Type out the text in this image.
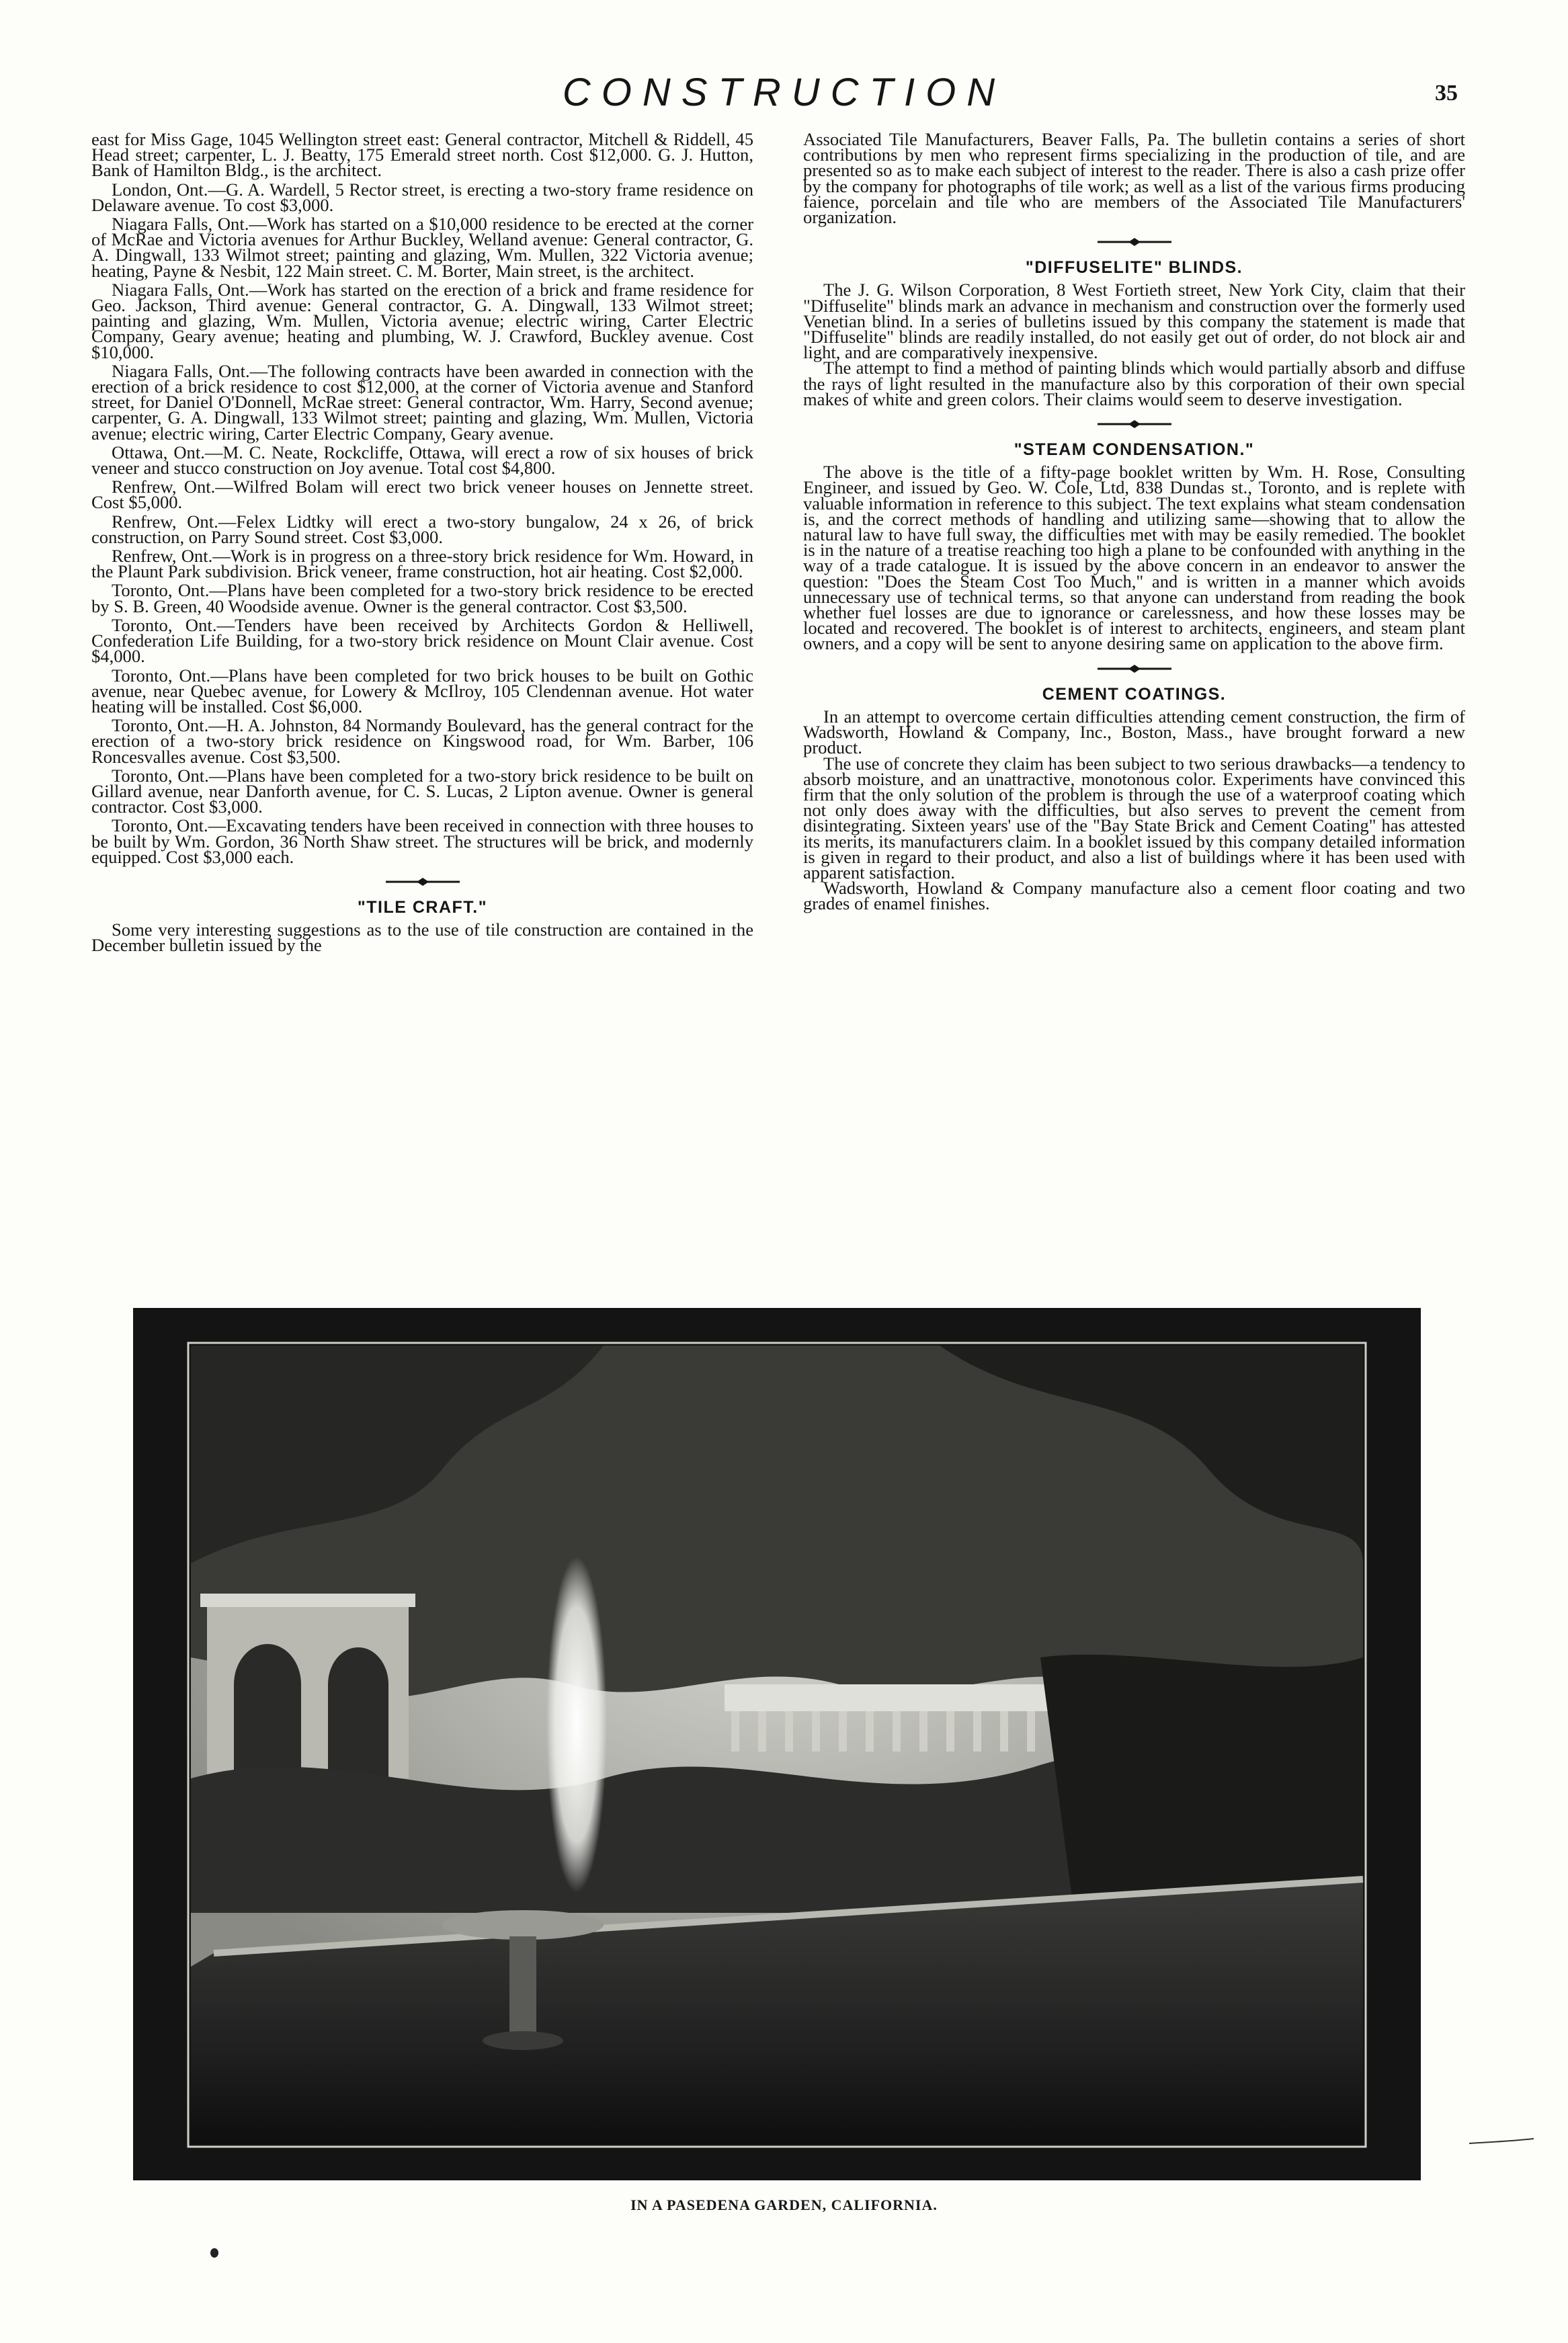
CONSTRUCTION	35

east for Miss Gage, 1045 Wellington street east: General contractor, Mitchell & Riddell, 45 Head street; carpenter, L. J. Beatty, 175 Emerald street north. Cost $12,000. G. J. Hutton, Bank of Hamilton Bldg., is the architect.

London, Ont.—G. A. Wardell, 5 Rector street, is erecting a two-story frame residence on Delaware avenue. To cost $3,000.

Niagara Falls, Ont.—Work has started on a $10,000 residence to be erected at the corner of McRae and Victoria avenues for Arthur Buckley, Welland avenue: General contractor, G. A. Dingwall, 133 Wilmot street; painting and glazing, Wm. Mullen, 322 Victoria avenue; heating, Payne & Nesbit, 122 Main street. C. M. Borter, Main street, is the architect.

Niagara Falls, Ont.—Work has started on the erection of a brick and frame residence for Geo. Jackson, Third avenue: General contractor, G. A. Dingwall, 133 Wilmot street; painting and glazing, Wm. Mullen, Victoria avenue; electric wiring, Carter Electric Company, Geary avenue; heating and plumbing, W. J. Crawford, Buckley avenue. Cost $10,000.

Niagara Falls, Ont.—The following contracts have been awarded in connection with the erection of a brick residence to cost $12,000, at the corner of Victoria avenue and Stanford street, for Daniel O'Donnell, McRae street: General contractor, Wm. Harry, Second avenue; carpenter, G. A. Dingwall, 133 Wilmot street; painting and glazing, Wm. Mullen, Victoria avenue; electric wiring, Carter Electric Company, Geary avenue.

Ottawa, Ont.—M. C. Neate, Rockcliffe, Ottawa, will erect a row of six houses of brick veneer and stucco construction on Joy avenue. Total cost $4,800.

Renfrew, Ont.—Wilfred Bolam will erect two brick veneer houses on Jennette street. Cost $5,000.

Renfrew, Ont.—Felex Lidtky will erect a two-story bungalow, 24 x 26, of brick construction, on Parry Sound street. Cost $3,000.

Renfrew, Ont.—Work is in progress on a three-story brick residence for Wm. Howard, in the Plaunt Park subdivision. Brick veneer, frame construction, hot air heating. Cost $2,000.

Toronto, Ont.—Plans have been completed for a two-story brick residence to be erected by S. B. Green, 40 Woodside avenue. Owner is the general contractor. Cost $3,500.

Toronto, Ont.—Tenders have been received by Architects Gordon & Helliwell, Confederation Life Building, for a two-story brick residence on Mount Clair avenue. Cost $4,000.

Toronto, Ont.—Plans have been completed for two brick houses to be built on Gothic avenue, near Quebec avenue, for Lowery & McIlroy, 105 Clendennan avenue. Hot water heating will be installed. Cost $6,000.

Toronto, Ont.—H. A. Johnston, 84 Normandy Boulevard, has the general contract for the erection of a two-story brick residence on Kingswood road, for Wm. Barber, 106 Roncesvalles avenue. Cost $3,500.

Toronto, Ont.—Plans have been completed for a two-story brick residence to be built on Gillard avenue, near Danforth avenue, for C. S. Lucas, 2 Lipton avenue. Owner is general contractor. Cost $3,000.

Toronto, Ont.—Excavating tenders have been received in connection with three houses to be built by Wm. Gordon, 36 North Shaw street. The structures will be brick, and modernly equipped. Cost $3,000 each.

"TILE CRAFT."

Some very interesting suggestions as to the use of tile construction are contained in the December bulletin issued by the

Associated Tile Manufacturers, Beaver Falls, Pa. The bulletin contains a series of short contributions by men who represent firms specializing in the production of tile, and are presented so as to make each subject of interest to the reader. There is also a cash prize offer by the company for photographs of tile work; as well as a list of the various firms producing faience, porcelain and tile who are members of the Associated Tile Manufacturers' organization.

"DIFFUSELITE" BLINDS.

The J. G. Wilson Corporation, 8 West Fortieth street, New York City, claim that their "Diffuselite" blinds mark an advance in mechanism and construction over the formerly used Venetian blind. In a series of bulletins issued by this company the statement is made that "Diffuselite" blinds are readily installed, do not easily get out of order, do not block air and light, and are comparatively inexpensive.

The attempt to find a method of painting blinds which would partially absorb and diffuse the rays of light resulted in the manufacture also by this corporation of their own special makes of white and green colors. Their claims would seem to deserve investigation.

"STEAM CONDENSATION."

The above is the title of a fifty-page booklet written by Wm. H. Rose, Consulting Engineer, and issued by Geo. W. Cole, Ltd, 838 Dundas st., Toronto, and is replete with valuable information in reference to this subject. The text explains what steam condensation is, and the correct methods of handling and utilizing same—showing that to allow the natural law to have full sway, the difficulties met with may be easily remedied. The booklet is in the nature of a treatise reaching too high a plane to be confounded with anything in the way of a trade catalogue. It is issued by the above concern in an endeavor to answer the question: "Does the Steam Cost Too Much," and is written in a manner which avoids unnecessary use of technical terms, so that anyone can understand from reading the book whether fuel losses are due to ignorance or carelessness, and how these losses may be located and recovered. The booklet is of interest to architects, engineers, and steam plant owners, and a copy will be sent to anyone desiring same on application to the above firm.

CEMENT COATINGS.

In an attempt to overcome certain difficulties attending cement construction, the firm of Wadsworth, Howland & Company, Inc., Boston, Mass., have brought forward a new product.

The use of concrete they claim has been subject to two serious drawbacks—a tendency to absorb moisture, and an unattractive, monotonous color. Experiments have convinced this firm that the only solution of the problem is through the use of a waterproof coating which not only does away with the difficulties, but also serves to prevent the cement from disintegrating. Sixteen years' use of the "Bay State Brick and Cement Coating" has attested its merits, its manufacturers claim. In a booklet issued by this company detailed information is given in regard to their product, and also a list of buildings where it has been used with apparent satisfaction.

Wadsworth, Howland & Company manufacture also a cement floor coating and two grades of enamel finishes.

IN A PASEDENA GARDEN, CALIFORNIA.
